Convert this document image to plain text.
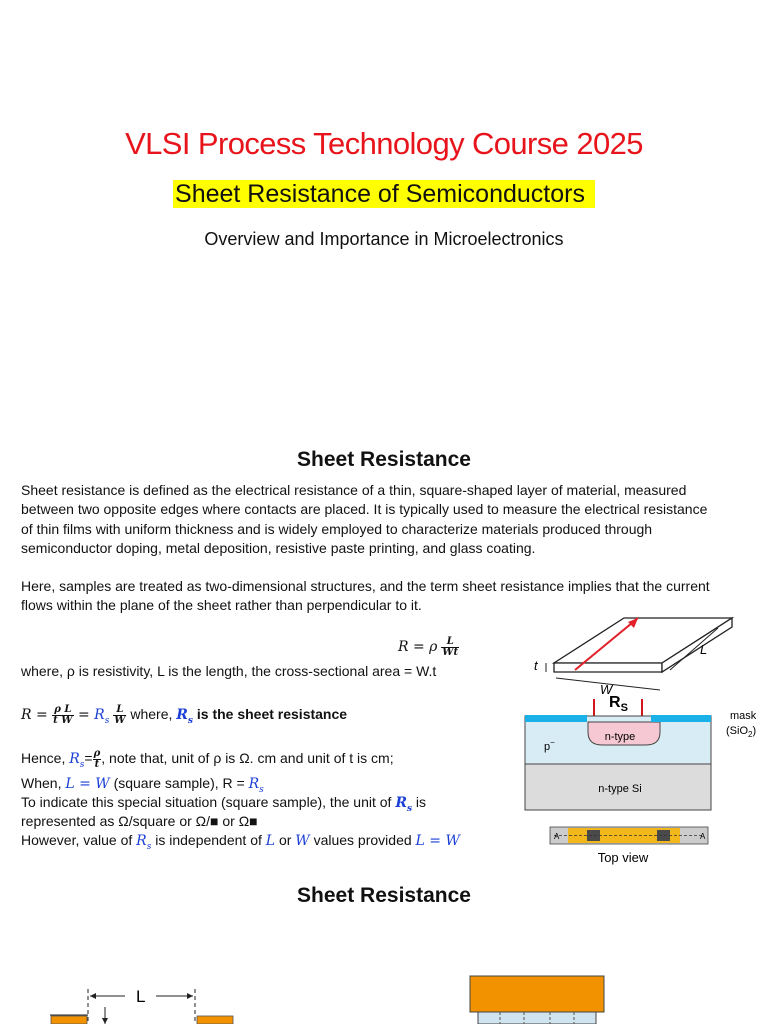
VLSI Process Technology Course 2025
Sheet Resistance of Semiconductors
Overview and Importance in Microelectronics
Sheet Resistance
Sheet resistance is defined as the electrical resistance of a thin, square-shaped layer of material, measured between two opposite edges where contacts are placed. It is typically used to measure the electrical resistance of thin films with uniform thickness and is widely employed to characterize materials produced through semiconductor doping, metal deposition, resistive paste printing, and glass coating.
Here, samples are treated as two-dimensional structures, and the term sheet resistance implies that the current flows within the plane of the sheet rather than perpendicular to it.
R = ρ $\frac{L}{Wt}$
where, ρ is resistivity, L is the length, the cross-sectional area = W.t
$R = \frac{\text{ρ L}}{\text{t W}} = R_s \frac{L}{W}$ where, $R_s$ is the sheet resistance
Hence, $R_s= \frac{\rho}{t}$ , note that, unit of ρ is Ω. cm and unit of t is cm;
When, L = W (square sample), $R = R_s$
To indicate this special situation (square sample), the unit of $R_s$ is
represented as Ω/square or Ω/■ or Ω■
However, value of $R_s$ is independent of L or W values provided L = W
t
L
W
$R_S$
n-type
p−
n-type Si
mask
(SiO$_2$)
A	A
Top view
Sheet Resistance
L
